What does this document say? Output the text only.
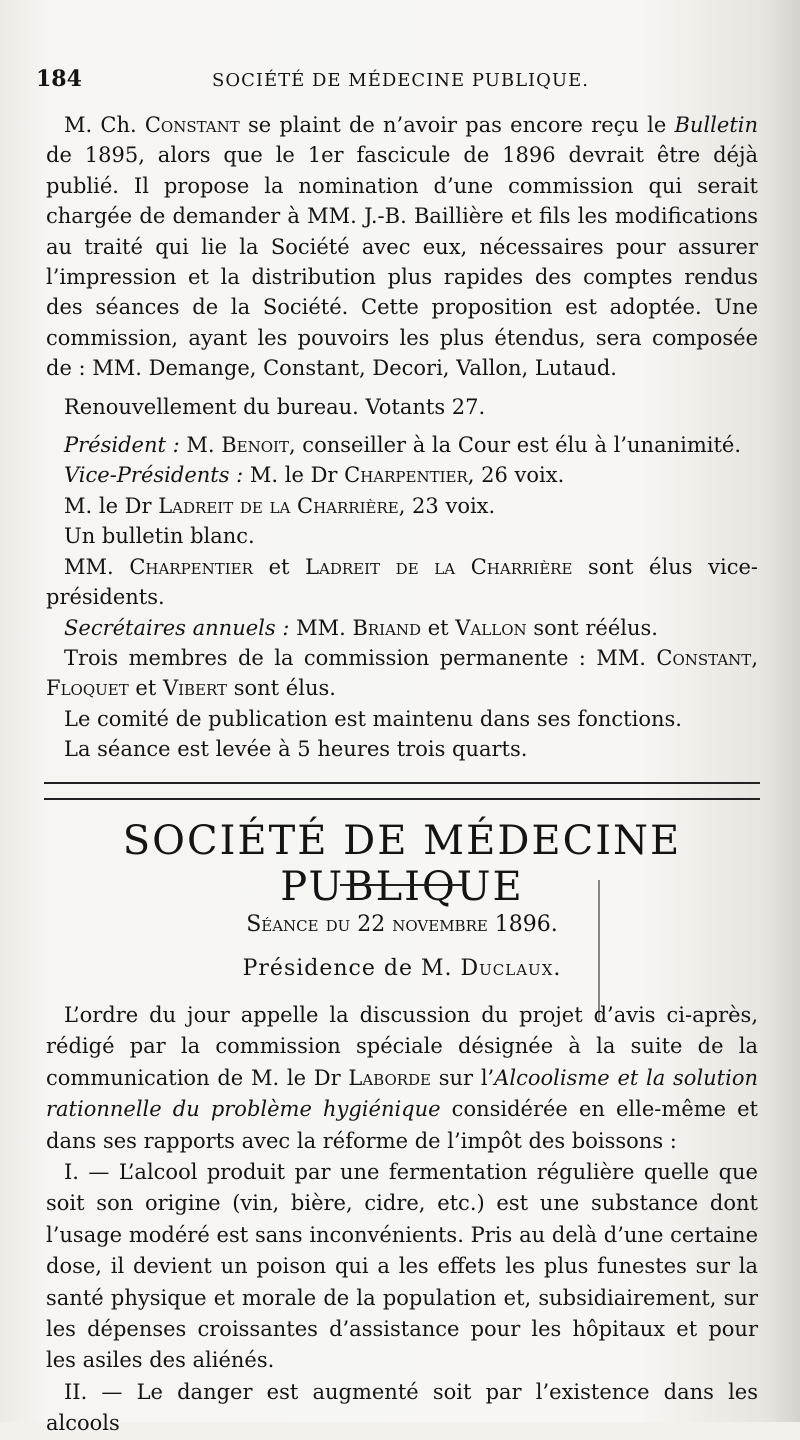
184	SOCIÉTÉ DE MÉDECINE PUBLIQUE.

M. Ch. Constant se plaint de n’avoir pas encore reçu le Bulletin de 1895, alors que le 1er fascicule de 1896 devrait être déjà publié. Il propose la nomination d’une commission qui serait chargée de demander à MM. J.-B. Baillière et fils les modifications au traité qui lie la Société avec eux, nécessaires pour assurer l’impression et la distribution plus rapides des comptes rendus des séances de la Société. Cette proposition est adoptée. Une commission, ayant les pouvoirs les plus étendus, sera composée de : MM. Demange, Constant, Decori, Vallon, Lutaud.

Renouvellement du bureau. Votants 27.

Président : M. Benoit, conseiller à la Cour est élu à l’unanimité.

Vice-Présidents : M. le Dr Charpentier, 26 voix.

M. le Dr Ladreit de la Charrière, 23 voix.

Un bulletin blanc.

MM. Charpentier et Ladreit de la Charrière sont élus vice-présidents.

Secrétaires annuels : MM. Briand et Vallon sont réélus.

Trois membres de la commission permanente : MM. Constant, Floquet et Vibert sont élus.

Le comité de publication est maintenu dans ses fonctions.

La séance est levée à 5 heures trois quarts.

SOCIÉTÉ DE MÉDECINE PUBLIQUE
Séance du 22 novembre 1896.
Présidence de M. Duclaux.

L’ordre du jour appelle la discussion du projet d’avis ci-après, rédigé par la commission spéciale désignée à la suite de la communication de M. le Dr Laborde sur l’Alcoolisme et la solution rationnelle du problème hygiénique considérée en elle-même et dans ses rapports avec la réforme de l’impôt des boissons :

I. — L’alcool produit par une fermentation régulière quelle que soit son origine (vin, bière, cidre, etc.) est une substance dont l’usage modéré est sans inconvénients. Pris au delà d’une certaine dose, il devient un poison qui a les effets les plus funestes sur la santé physique et morale de la population et, subsidiairement, sur les dépenses croissantes d’assistance pour les hôpitaux et pour les asiles des aliénés.

II. — Le danger est augmenté soit par l’existence dans les alcools
